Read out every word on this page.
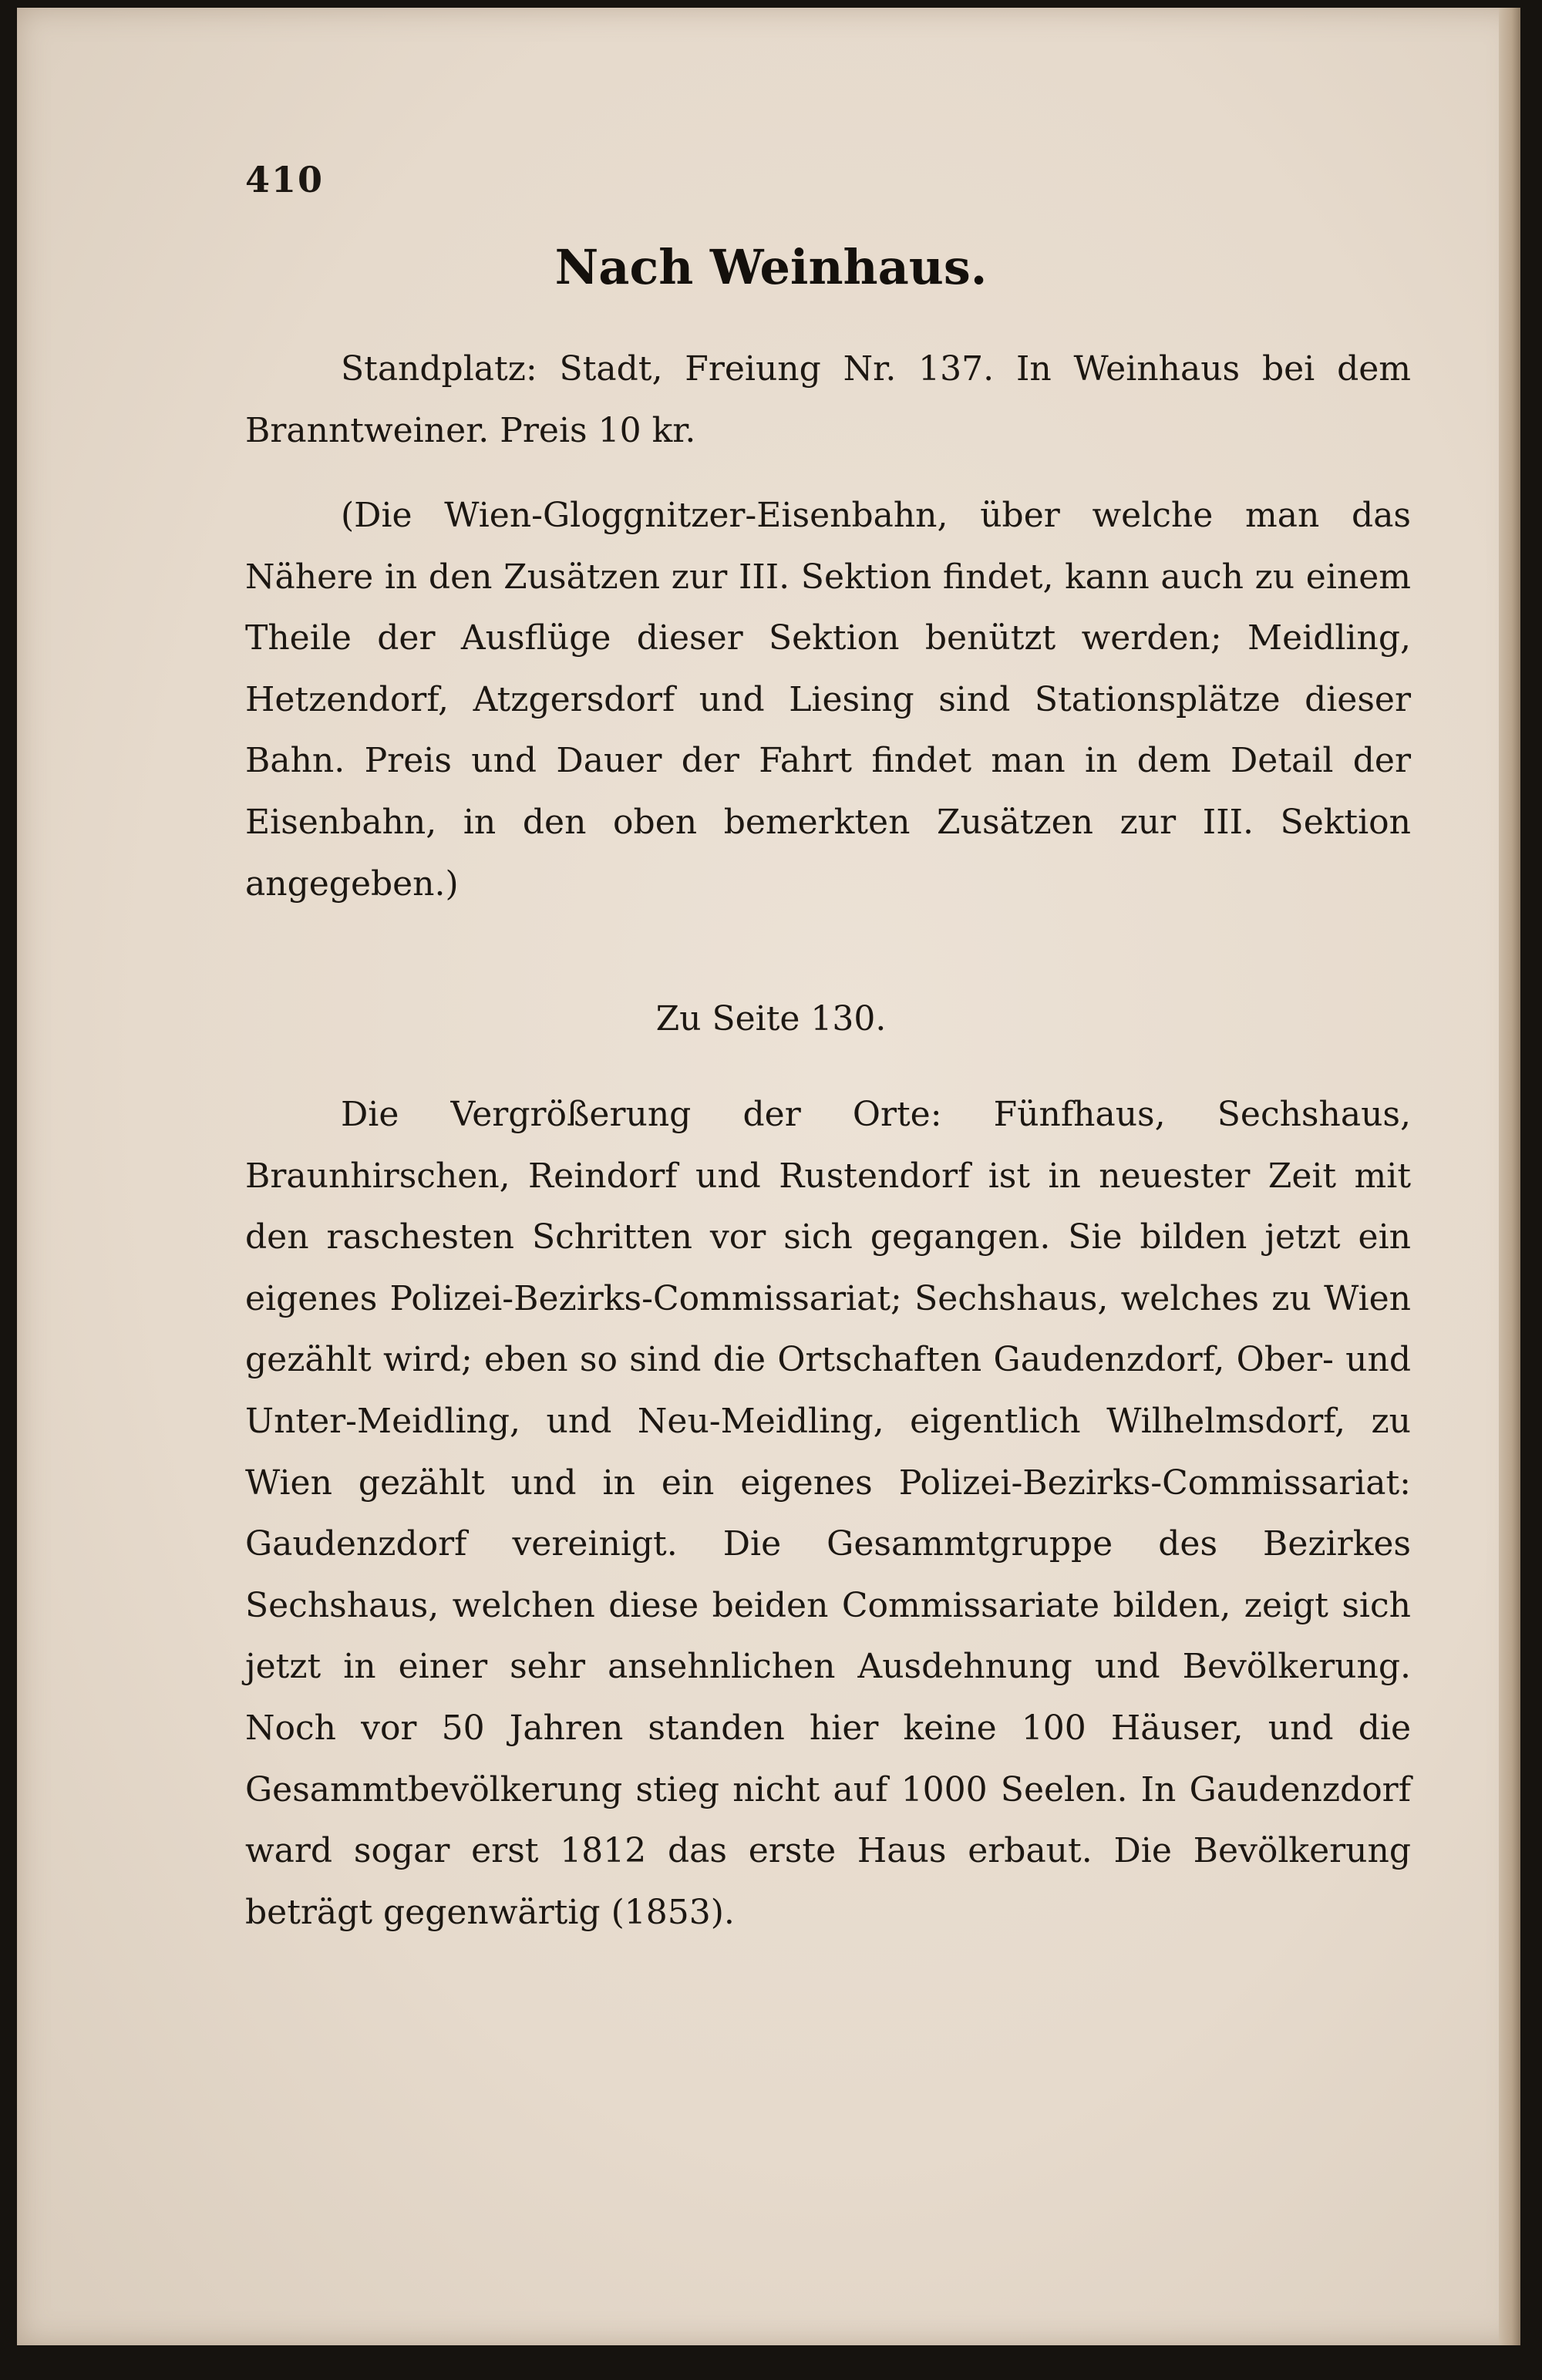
410
Nach Weinhaus.

Standplatz: Stadt, Freiung Nr. 137. In Weinhaus bei dem Branntweiner. Preis 10 kr.

(Die Wien-Gloggnitzer-Eisenbahn, über welche man das Nähere in den Zusätzen zur III. Sektion findet, kann auch zu einem Theile der Ausflüge dieser Sektion benützt werden; Meidling, Hetzendorf, Atzgersdorf und Liesing sind Stationsplätze dieser Bahn. Preis und Dauer der Fahrt findet man in dem Detail der Eisenbahn, in den oben bemerkten Zusätzen zur III. Sektion angegeben.)

Zu Seite 130.

Die Vergrößerung der Orte: Fünfhaus, Sechshaus, Braunhirschen, Reindorf und Rustendorf ist in neuester Zeit mit den raschesten Schritten vor sich gegangen. Sie bilden jetzt ein eigenes Polizei-Bezirks-Commissariat; Sechshaus, welches zu Wien gezählt wird; eben so sind die Ortschaften Gaudenzdorf, Ober- und Unter-Meidling, und Neu-Meidling, eigentlich Wilhelmsdorf, zu Wien gezählt und in ein eigenes Polizei-Bezirks-Commissariat: Gaudenzdorf vereinigt. Die Gesammtgruppe des Bezirkes Sechshaus, welchen diese beiden Commissariate bilden, zeigt sich jetzt in einer sehr ansehnlichen Ausdehnung und Bevölkerung. Noch vor 50 Jahren standen hier keine 100 Häuser, und die Gesammtbevölkerung stieg nicht auf 1000 Seelen. In Gaudenzdorf ward sogar erst 1812 das erste Haus erbaut. Die Bevölkerung beträgt gegenwärtig (1853).
